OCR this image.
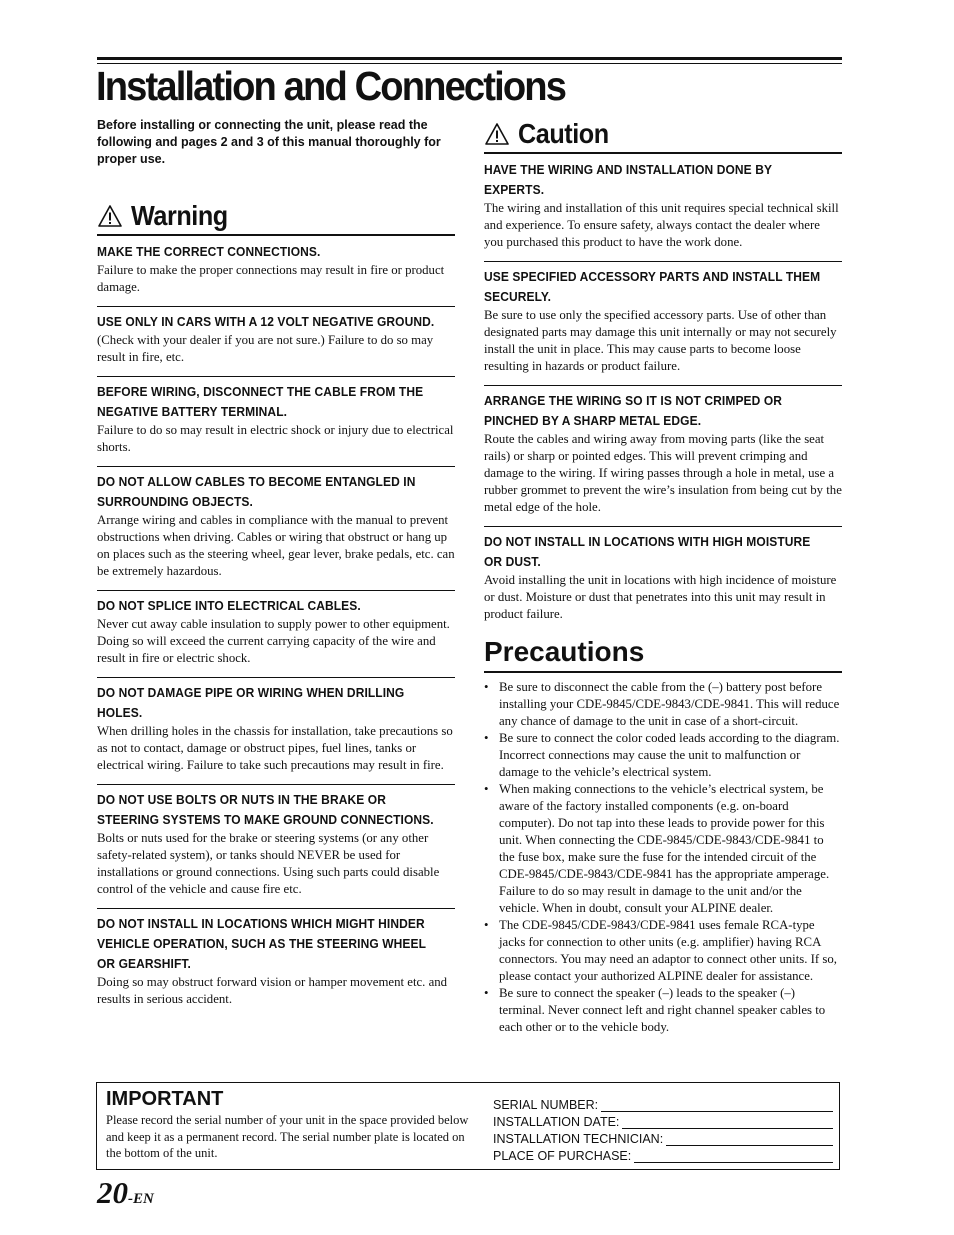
Installation and Connections

Before installing or connecting the unit, please read the following and pages 2 and 3 of this manual thoroughly for proper use.

Warning
MAKE THE CORRECT CONNECTIONS.
Failure to make the proper connections may result in fire or product damage.
USE ONLY IN CARS WITH A 12 VOLT NEGATIVE GROUND.
(Check with your dealer if you are not sure.) Failure to do so may result in fire, etc.
BEFORE WIRING, DISCONNECT THE CABLE FROM THE NEGATIVE BATTERY TERMINAL.
Failure to do so may result in electric shock or injury due to electrical shorts.
DO NOT ALLOW CABLES TO BECOME ENTANGLED IN SURROUNDING OBJECTS.
Arrange wiring and cables in compliance with the manual to prevent obstructions when driving. Cables or wiring that obstruct or hang up on places such as the steering wheel, gear lever, brake pedals, etc. can be extremely hazardous.
DO NOT SPLICE INTO ELECTRICAL CABLES.
Never cut away cable insulation to supply power to other equipment. Doing so will exceed the current carrying capacity of the wire and result in fire or electric shock.
DO NOT DAMAGE PIPE OR WIRING WHEN DRILLING HOLES.
When drilling holes in the chassis for installation, take precautions so as not to contact, damage or obstruct pipes, fuel lines, tanks or electrical wiring. Failure to take such precautions may result in fire.
DO NOT USE BOLTS OR NUTS IN THE BRAKE OR STEERING SYSTEMS TO MAKE GROUND CONNECTIONS.
Bolts or nuts used for the brake or steering systems (or any other safety-related system), or tanks should NEVER be used for installations or ground connections. Using such parts could disable control of the vehicle and cause fire etc.
DO NOT INSTALL IN LOCATIONS WHICH MIGHT HINDER VEHICLE OPERATION, SUCH AS THE STEERING WHEEL OR GEARSHIFT.
Doing so may obstruct forward vision or hamper movement etc. and results in serious accident.
Caution
HAVE THE WIRING AND INSTALLATION DONE BY EXPERTS.
The wiring and installation of this unit requires special technical skill and experience. To ensure safety, always contact the dealer where you purchased this product to have the work done.
USE SPECIFIED ACCESSORY PARTS AND INSTALL THEM SECURELY.
Be sure to use only the specified accessory parts. Use of other than designated parts may damage this unit internally or may not securely install the unit in place. This may cause parts to become loose resulting in hazards or product failure.
ARRANGE THE WIRING SO IT IS NOT CRIMPED OR PINCHED BY A SHARP METAL EDGE.
Route the cables and wiring away from moving parts (like the seat rails) or sharp or pointed edges. This will prevent crimping and damage to the wiring. If wiring passes through a hole in metal, use a rubber grommet to prevent the wire’s insulation from being cut by the metal edge of the hole.
DO NOT INSTALL IN LOCATIONS WITH HIGH MOISTURE OR DUST.
Avoid installing the unit in locations with high incidence of moisture or dust. Moisture or dust that penetrates into this unit may result in product failure.
Precautions
• Be sure to disconnect the cable from the (–) battery post before installing your CDE-9845/CDE-9843/CDE-9841. This will reduce any chance of damage to the unit in case of a short-circuit.
• Be sure to connect the color coded leads according to the diagram. Incorrect connections may cause the unit to malfunction or damage to the vehicle’s electrical system.
• When making connections to the vehicle’s electrical system, be aware of the factory installed components (e.g. on-board computer). Do not tap into these leads to provide power for this unit. When connecting the CDE-9845/CDE-9843/CDE-9841 to the fuse box, make sure the fuse for the intended circuit of the CDE-9845/CDE-9843/CDE-9841 has the appropriate amperage. Failure to do so may result in damage to the unit and/or the vehicle. When in doubt, consult your ALPINE dealer.
• The CDE-9845/CDE-9843/CDE-9841 uses female RCA-type jacks for connection to other units (e.g. amplifier) having RCA connectors. You may need an adaptor to connect other units. If so, please contact your authorized ALPINE dealer for assistance.
• Be sure to connect the speaker (–) leads to the speaker (–) terminal. Never connect left and right channel speaker cables to each other or to the vehicle body.
IMPORTANT
Please record the serial number of your unit in the space provided below and keep it as a permanent record. The serial number plate is located on the bottom of the unit.
SERIAL NUMBER:
INSTALLATION DATE:
INSTALLATION TECHNICIAN:
PLACE OF PURCHASE:
20-EN
